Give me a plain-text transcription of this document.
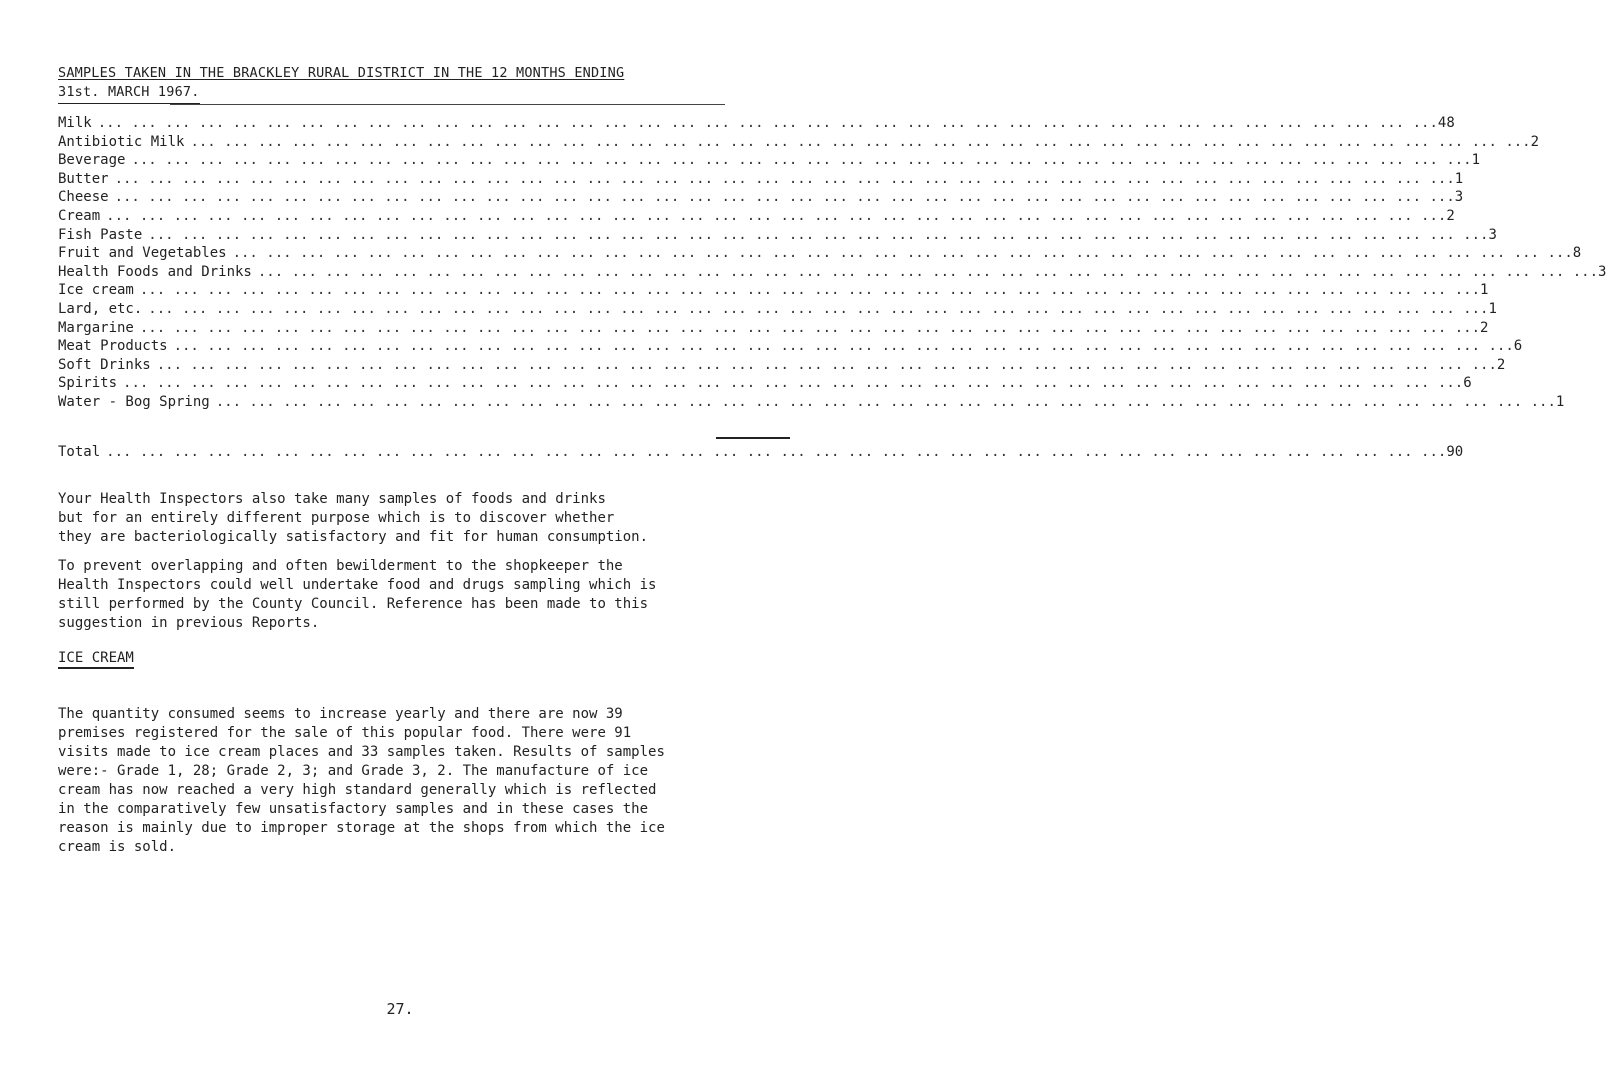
SAMPLES TAKEN IN THE BRACKLEY RURAL DISTRICT IN THE 12 MONTHS ENDING
31st. MARCH 1967.
Milk ... ... ... ... ... ... ... ... ... ... ... ... ... ... ... ... ... ... ... ... ... ... ... ... ... ... ... ... ... ... ... ... ... ... ... ... ... ... ... ... 48
Antibiotic Milk ... ... ... ... ... ... ... ... ... ... ... ... ... ... ... ... ... ... ... ... ... ... ... ... ... ... ... ... ... ... ... ... ... ... ... ... ... ... ... ... 2
Beverage ... ... ... ... ... ... ... ... ... ... ... ... ... ... ... ... ... ... ... ... ... ... ... ... ... ... ... ... ... ... ... ... ... ... ... ... ... ... ... ... 1
Butter ... ... ... ... ... ... ... ... ... ... ... ... ... ... ... ... ... ... ... ... ... ... ... ... ... ... ... ... ... ... ... ... ... ... ... ... ... ... ... ... 1
Cheese ... ... ... ... ... ... ... ... ... ... ... ... ... ... ... ... ... ... ... ... ... ... ... ... ... ... ... ... ... ... ... ... ... ... ... ... ... ... ... ... 3
Cream ... ... ... ... ... ... ... ... ... ... ... ... ... ... ... ... ... ... ... ... ... ... ... ... ... ... ... ... ... ... ... ... ... ... ... ... ... ... ... ... 2
Fish Paste ... ... ... ... ... ... ... ... ... ... ... ... ... ... ... ... ... ... ... ... ... ... ... ... ... ... ... ... ... ... ... ... ... ... ... ... ... ... ... ... 3
Fruit and Vegetables ... ... ... ... ... ... ... ... ... ... ... ... ... ... ... ... ... ... ... ... ... ... ... ... ... ... ... ... ... ... ... ... ... ... ... ... ... ... ... ... 8
Health Foods and Drinks ... ... ... ... ... ... ... ... ... ... ... ... ... ... ... ... ... ... ... ... ... ... ... ... ... ... ... ... ... ... ... ... ... ... ... ... ... ... ... ... 3
Ice cream ... ... ... ... ... ... ... ... ... ... ... ... ... ... ... ... ... ... ... ... ... ... ... ... ... ... ... ... ... ... ... ... ... ... ... ... ... ... ... ... 1
Lard, etc. ... ... ... ... ... ... ... ... ... ... ... ... ... ... ... ... ... ... ... ... ... ... ... ... ... ... ... ... ... ... ... ... ... ... ... ... ... ... ... ... 1
Margarine ... ... ... ... ... ... ... ... ... ... ... ... ... ... ... ... ... ... ... ... ... ... ... ... ... ... ... ... ... ... ... ... ... ... ... ... ... ... ... ... 2
Meat Products ... ... ... ... ... ... ... ... ... ... ... ... ... ... ... ... ... ... ... ... ... ... ... ... ... ... ... ... ... ... ... ... ... ... ... ... ... ... ... ... 6
Soft Drinks ... ... ... ... ... ... ... ... ... ... ... ... ... ... ... ... ... ... ... ... ... ... ... ... ... ... ... ... ... ... ... ... ... ... ... ... ... ... ... ... 2
Spirits ... ... ... ... ... ... ... ... ... ... ... ... ... ... ... ... ... ... ... ... ... ... ... ... ... ... ... ... ... ... ... ... ... ... ... ... ... ... ... ... 6
Water - Bog Spring ... ... ... ... ... ... ... ... ... ... ... ... ... ... ... ... ... ... ... ... ... ... ... ... ... ... ... ... ... ... ... ... ... ... ... ... ... ... ... ... 1
Total ... ... ... ... ... ... ... ... ... ... ... ... ... ... ... ... ... ... ... ... ... ... ... ... ... ... ... ... ... ... ... ... ... ... ... ... ... ... ... ... 90

Your Health Inspectors also take many samples of foods and drinks
but for an entirely different purpose which is to discover whether
they are bacteriologically satisfactory and fit for human consumption.

To prevent overlapping and often bewilderment to the shopkeeper the
Health Inspectors could well undertake food and drugs sampling which is
still performed by the County Council. Reference has been made to this
suggestion in previous Reports.

ICE CREAM

The quantity consumed seems to increase yearly and there are now 39
premises registered for the sale of this popular food. There were 91
visits made to ice cream places and 33 samples taken. Results of samples
were:- Grade 1, 28; Grade 2, 3; and Grade 3, 2. The manufacture of ice
cream has now reached a very high standard generally which is reflected
in the comparatively few unsatisfactory samples and in these cases the
reason is mainly due to improper storage at the shops from which the ice
cream is sold.

27.
